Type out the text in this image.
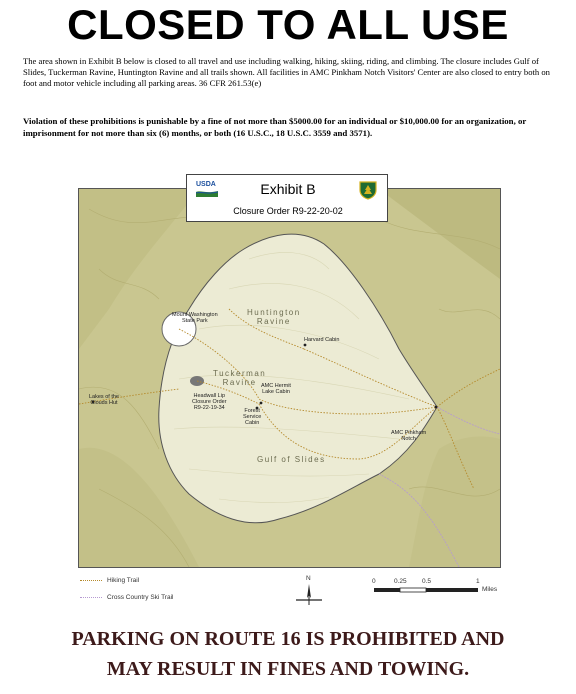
CLOSED TO ALL USE
The area shown in Exhibit B below is closed to all travel and use including walking, hiking, skiing, riding, and climbing. The closure includes Gulf of Slides, Tuckerman Ravine, Huntington Ravine and all trails shown. All facilities in AMC Pinkham Notch Visitors' Center are also closed to entry both on foot and motor vehicle including all parking areas. 36 CFR 261.53(e)
Violation of these prohibitions is punishable by a fine of not more than $5000.00 for an individual or $10,000.00 for an organization, or imprisonment for not more than six (6) months, or both (16 U.S.C., 18 U.S.C. 3559 and 3571).
Mount Washington
State Park
Huntington
Ravine
Harvard Cabin
Tuckerman
Ravine AMC Hermit
Lake Cabin
Headwall Lip
Closure Order
R9-22-19-34	Forest
Service
Cabin
Lakes of the
Clouds Hut
AMC Pinkham
Notch
Gulf of Slides
USDA	Exhibit B
Closure Order R9-22-20-02
Hiking Trail
Cross Country Ski Trail
N	0	0.25 0.5	1
Miles
PARKING ON ROUTE 16 IS PROHIBITED AND
MAY RESULT IN FINES AND TOWING.
